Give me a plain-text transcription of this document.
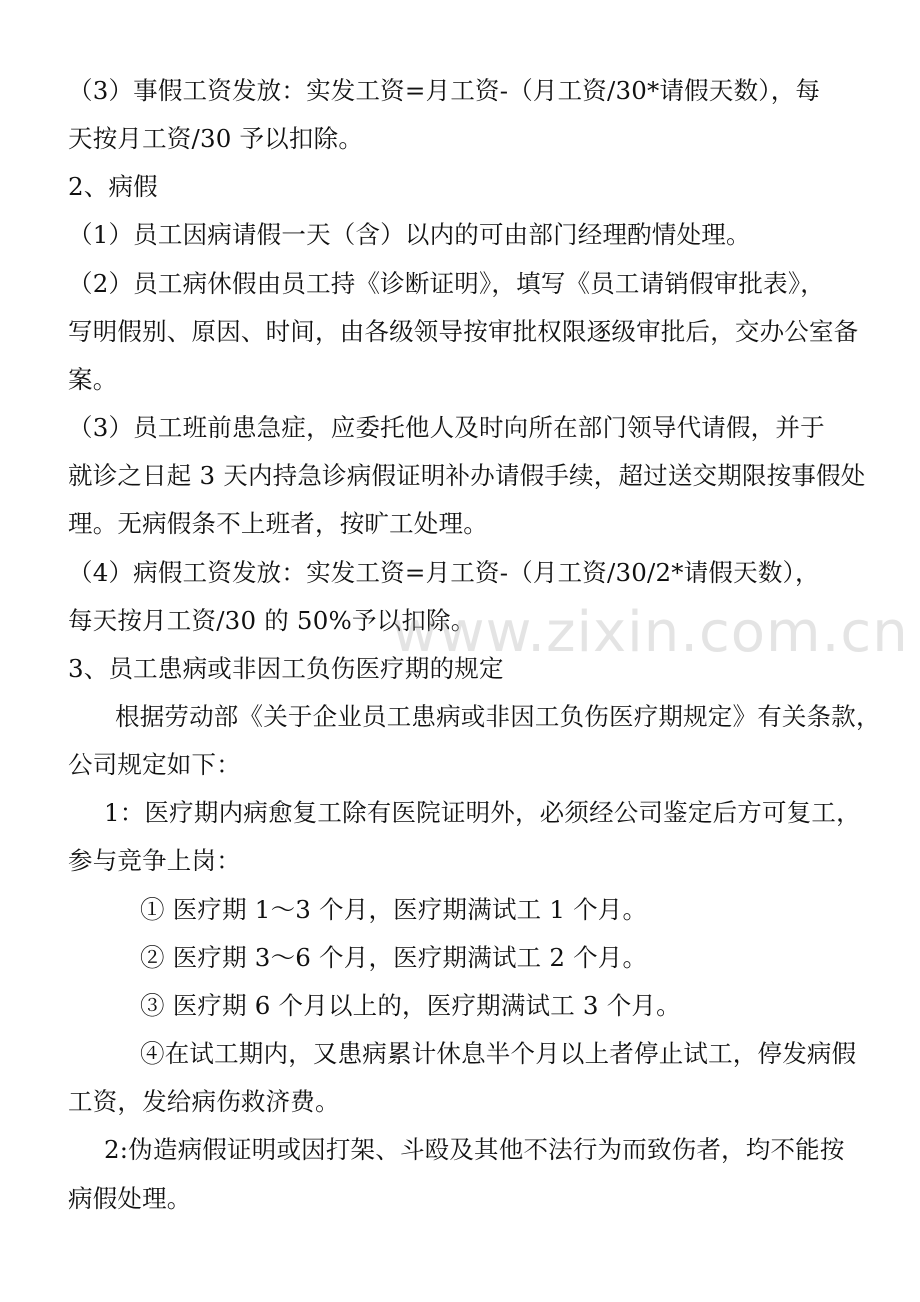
（3）事假工资发放：实发工资=月工资-（月工资/30*请假天数），每
天按月工资/30 予以扣除。
2、病假
（1）员工因病请假一天（含）以内的可由部门经理酌情处理。
（2）员工病休假由员工持《诊断证明》，填写《员工请销假审批表》，
写明假别、原因、时间，由各级领导按审批权限逐级审批后，交办公室备
案。
（3）员工班前患急症，应委托他人及时向所在部门领导代请假，并于
就诊之日起 3 天内持急诊病假证明补办请假手续，超过送交期限按事假处
理。无病假条不上班者，按旷工处理。
（4）病假工资发放：实发工资=月工资-（月工资/30/2*请假天数），
每天按月工资/30 的 50%予以扣除。
3、员工患病或非因工负伤医疗期的规定
根据劳动部《关于企业员工患病或非因工负伤医疗期规定》有关条款，
公司规定如下：
1：医疗期内病愈复工除有医院证明外，必须经公司鉴定后方可复工，
参与竞争上岗：
① 医疗期 1～3 个月，医疗期满试工 1 个月。
② 医疗期 3～6 个月，医疗期满试工 2 个月。
③ 医疗期 6 个月以上的，医疗期满试工 3 个月。
④在试工期内，又患病累计休息半个月以上者停止试工，停发病假
工资，发给病伤救济费。
2:伪造病假证明或因打架、斗殴及其他不法行为而致伤者，均不能按
病假处理。
www.zixin.com.cn
